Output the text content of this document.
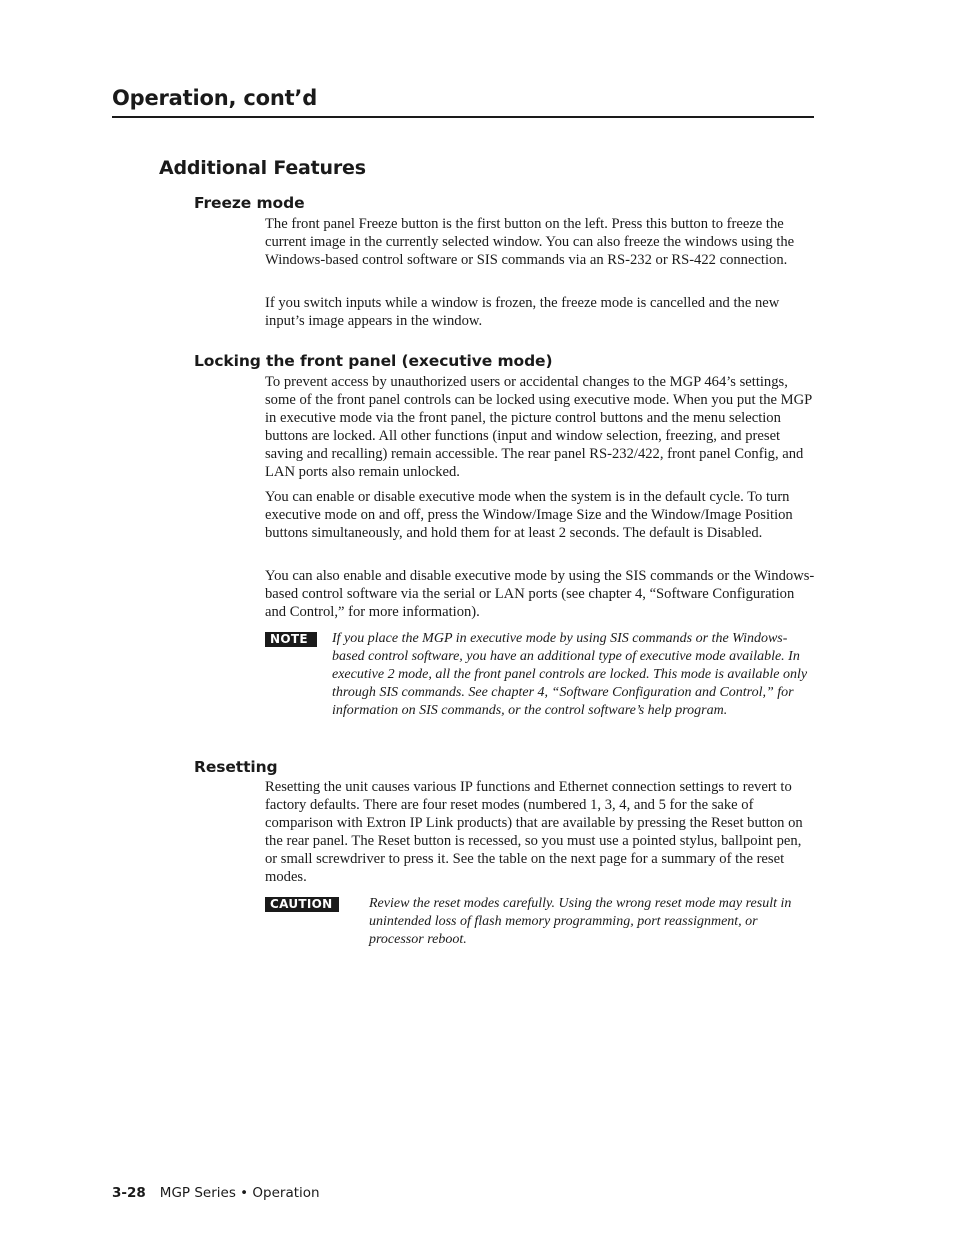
Operation, cont’d
Additional Features
Freeze mode

The front panel Freeze button is the first button on the left. Press this button to freeze the current image in the currently selected window. You can also freeze the windows using the Windows-based control software or SIS commands via an RS-232 or RS-422 connection.

If you switch inputs while a window is frozen, the freeze mode is cancelled and the new input’s image appears in the window.

Locking the front panel (executive mode)

To prevent access by unauthorized users or accidental changes to the MGP 464’s settings, some of the front panel controls can be locked using executive mode. When you put the MGP in executive mode via the front panel, the picture control buttons and the menu selection buttons are locked. All other functions (input and window selection, freezing, and preset saving and recalling) remain accessible. The rear panel RS-232/422, front panel Config, and LAN ports also remain unlocked.

You can enable or disable executive mode when the system is in the default cycle. To turn executive mode on and off, press the Window/Image Size and the Window/Image Position buttons simultaneously, and hold them for at least 2 seconds. The default is Disabled.

You can also enable and disable executive mode by using the SIS commands or the Windows-based control software via the serial or LAN ports (see chapter 4, “Software Configuration and Control,” for more information).

NOTE	If you place the MGP in executive mode by using SIS commands or the Windows-based control software, you have an additional type of executive mode available. In executive 2 mode, all the front panel controls are locked. This mode is available only through SIS commands. See chapter 4, “Software Configuration and Control,” for information on SIS commands, or the control software’s help program.

Resetting

Resetting the unit causes various IP functions and Ethernet connection settings to revert to factory defaults. There are four reset modes (numbered 1, 3, 4, and 5 for the sake of comparison with Extron IP Link products) that are available by pressing the Reset button on the rear panel. The Reset button is recessed, so you must use a pointed stylus, ballpoint pen, or small screwdriver to press it. See the table on the next page for a summary of the reset modes.

CAUTION	Review the reset modes carefully. Using the wrong reset mode may result in unintended loss of flash memory programming, port reassignment, or processor reboot.

3-28 MGP Series • Operation
